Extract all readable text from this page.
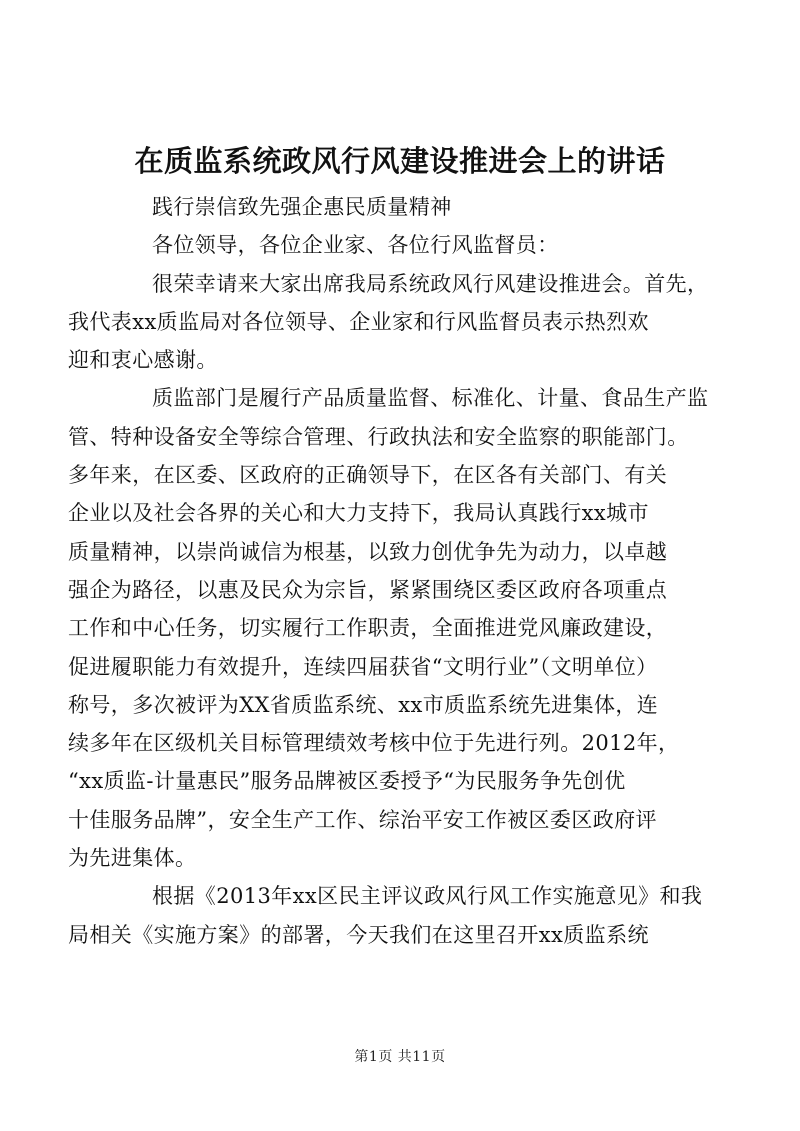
在质监系统政风行风建设推进会上的讲话

践行崇信致先强企惠民质量精神

各位领导，各位企业家、各位行风监督员：

很荣幸请来大家出席我局系统政风行风建设推进会。首先，
我代表xx质监局对各位领导、企业家和行风监督员表示热烈欢
迎和衷心感谢。

质监部门是履行产品质量监督、标准化、计量、食品生产监
管、特种设备安全等综合管理、行政执法和安全监察的职能部门。
多年来，在区委、区政府的正确领导下，在区各有关部门、有关
企业以及社会各界的关心和大力支持下，我局认真践行xx城市
质量精神，以崇尚诚信为根基，以致力创优争先为动力，以卓越
强企为路径，以惠及民众为宗旨，紧紧围绕区委区政府各项重点
工作和中心任务，切实履行工作职责，全面推进党风廉政建设，
促进履职能力有效提升，连续四届获省“文明行业”（文明单位）
称号，多次被评为XX省质监系统、xx市质监系统先进集体，连
续多年在区级机关目标管理绩效考核中位于先进行列。2012年，
“xx质监-计量惠民”服务品牌被区委授予“为民服务争先创优
十佳服务品牌”，安全生产工作、综治平安工作被区委区政府评
为先进集体。

根据《2013年xx区民主评议政风行风工作实施意见》和我
局相关《实施方案》的部署，今天我们在这里召开xx质监系统

第1页 共11页
